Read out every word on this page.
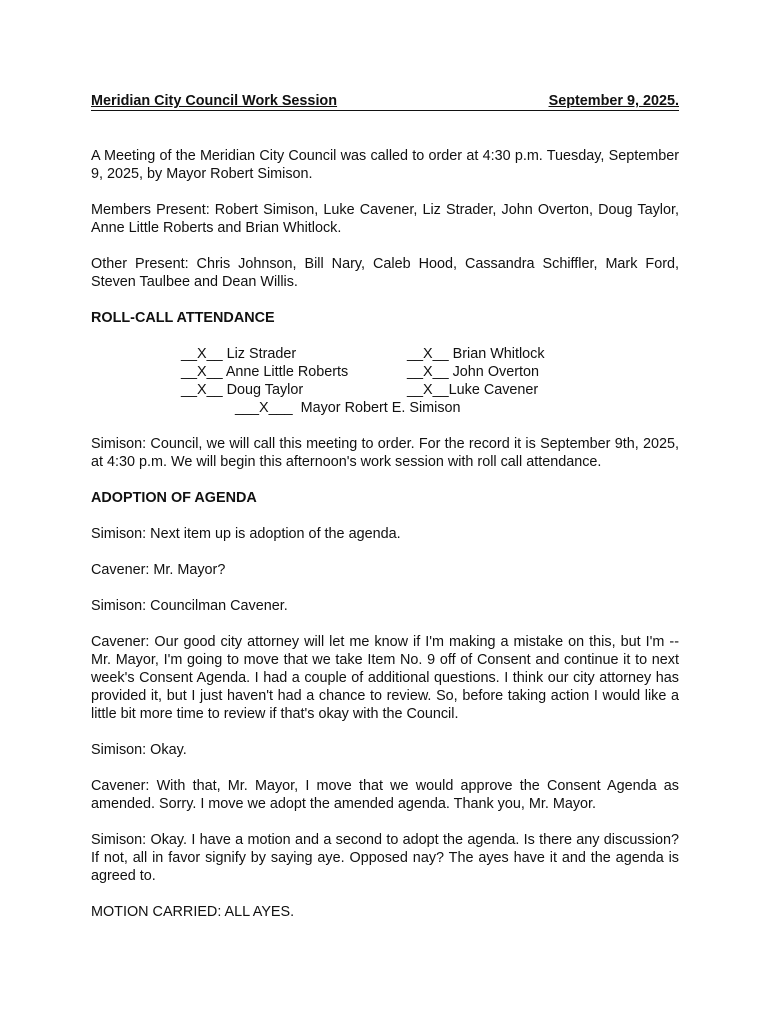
Meridian City Council Work Session	September 9, 2025.

A Meeting of the Meridian City Council was called to order at 4:30 p.m. Tuesday, September 9, 2025, by Mayor Robert Simison.

Members Present: Robert Simison, Luke Cavener, Liz Strader, John Overton, Doug Taylor, Anne Little Roberts and Brian Whitlock.

Other Present: Chris Johnson, Bill Nary, Caleb Hood, Cassandra Schiffler, Mark Ford, Steven Taulbee and Dean Willis.

ROLL-CALL ATTENDANCE
__X__ Liz Strader	__X__ Brian Whitlock
__X__ Anne Little Roberts	__X__ John Overton
__X__ Doug Taylor	__X__Luke Cavener
___X___  Mayor Robert E. Simison

Simison: Council, we will call this meeting to order. For the record it is September 9th, 2025, at 4:30 p.m. We will begin this afternoon's work session with roll call attendance.

ADOPTION OF AGENDA

Simison: Next item up is adoption of the agenda.

Cavener: Mr. Mayor?

Simison: Councilman Cavener.

Cavener: Our good city attorney will let me know if I'm making a mistake on this, but I'm -- Mr. Mayor, I'm going to move that we take Item No. 9 off of Consent and continue it to next week's Consent Agenda. I had a couple of additional questions. I think our city attorney has provided it, but I just haven't had a chance to review. So, before taking action I would like a little bit more time to review if that's okay with the Council.

Simison: Okay.

Cavener: With that, Mr. Mayor, I move that we would approve the Consent Agenda as amended. Sorry. I move we adopt the amended agenda. Thank you, Mr. Mayor.

Simison: Okay. I have a motion and a second to adopt the agenda. Is there any discussion? If not, all in favor signify by saying aye. Opposed nay? The ayes have it and the agenda is agreed to.

MOTION CARRIED: ALL AYES.
